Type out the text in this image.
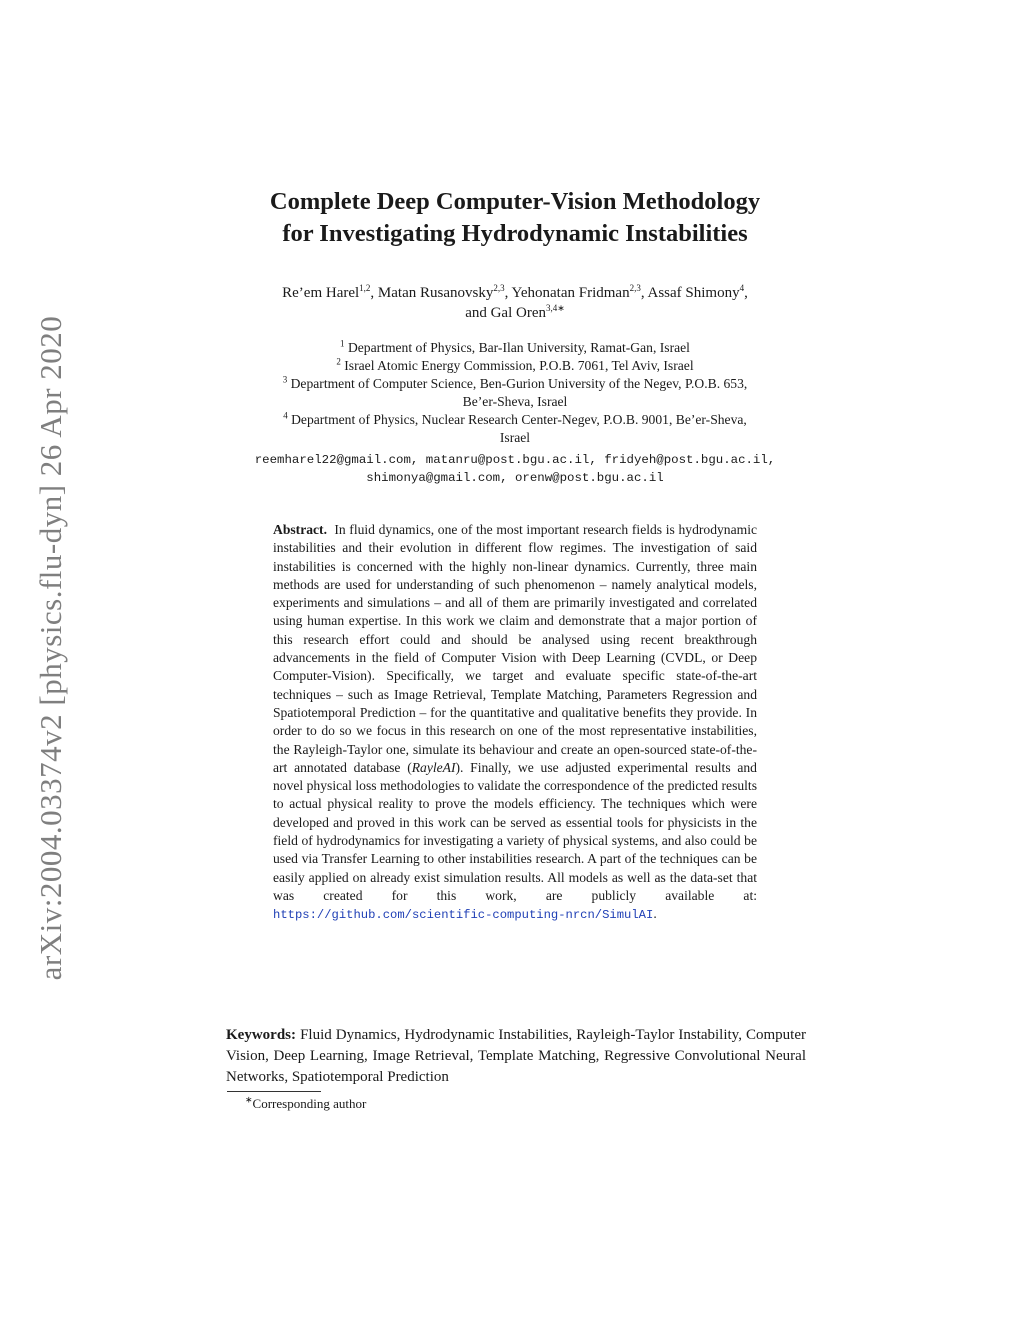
arXiv:2004.03374v2 [physics.flu-dyn] 26 Apr 2020
Complete Deep Computer-Vision Methodology
for Investigating Hydrodynamic Instabilities
Re’em Harel$^{1,2}$, Matan Rusanovsky$^{2,3}$, Yehonatan Fridman$^{2,3}$, Assaf Shimony$^4$,
and Gal Oren$^{3,4∗}$
$^1$ Department of Physics, Bar-Ilan University, Ramat-Gan, Israel
$^2$ Israel Atomic Energy Commission, P.O.B. 7061, Tel Aviv, Israel
$^3$ Department of Computer Science, Ben-Gurion University of the Negev, P.O.B. 653,
Be’er-Sheva, Israel
$^4$ Department of Physics, Nuclear Research Center-Negev, P.O.B. 9001, Be’er-Sheva,
Israel
reemharel22@gmail.com, matanru@post.bgu.ac.il, fridyeh@post.bgu.ac.il,
shimonya@gmail.com, orenw@post.bgu.ac.il
Abstract. In fluid dynamics, one of the most important research fields is hydrodynamic instabilities and their evolution in different flow regimes. The investigation of said instabilities is concerned with the highly non-linear dynamics. Currently, three main methods are used for understanding of such phenomenon – namely analytical models, experiments and simulations – and all of them are primarily investigated and correlated using human expertise. In this work we claim and demonstrate that a major portion of this research effort could and should be analysed using recent breakthrough advancements in the field of Computer Vision with Deep Learning (CVDL, or Deep Computer-Vision). Specifically, we target and evaluate specific state-of-the-art techniques – such as Image Retrieval, Template Matching, Parameters Regression and Spatiotemporal Prediction – for the quantitative and qualitative benefits they provide. In order to do so we focus in this research on one of the most representative instabilities, the Rayleigh-Taylor one, simulate its behaviour and create an open-sourced state-of-the-art annotated database (RayleAI). Finally, we use adjusted experimental results and novel physical loss methodologies to validate the correspondence of the predicted results to actual physical reality to prove the models efficiency. The techniques which were developed and proved in this work can be served as essential tools for physicists in the field of hydrodynamics for investigating a variety of physical systems, and also could be used via Transfer Learning to other instabilities research. A part of the techniques can be easily applied on already exist simulation results. All models as well as the data-set that was created for this work, are publicly available at: https://github.com/scientific-computing-nrcn/SimulAI.
Keywords: Fluid Dynamics, Hydrodynamic Instabilities, Rayleigh-Taylor Instability, Computer Vision, Deep Learning, Image Retrieval, Template Matching, Regressive Convolutional Neural Networks, Spatiotemporal Prediction
∗Corresponding author
